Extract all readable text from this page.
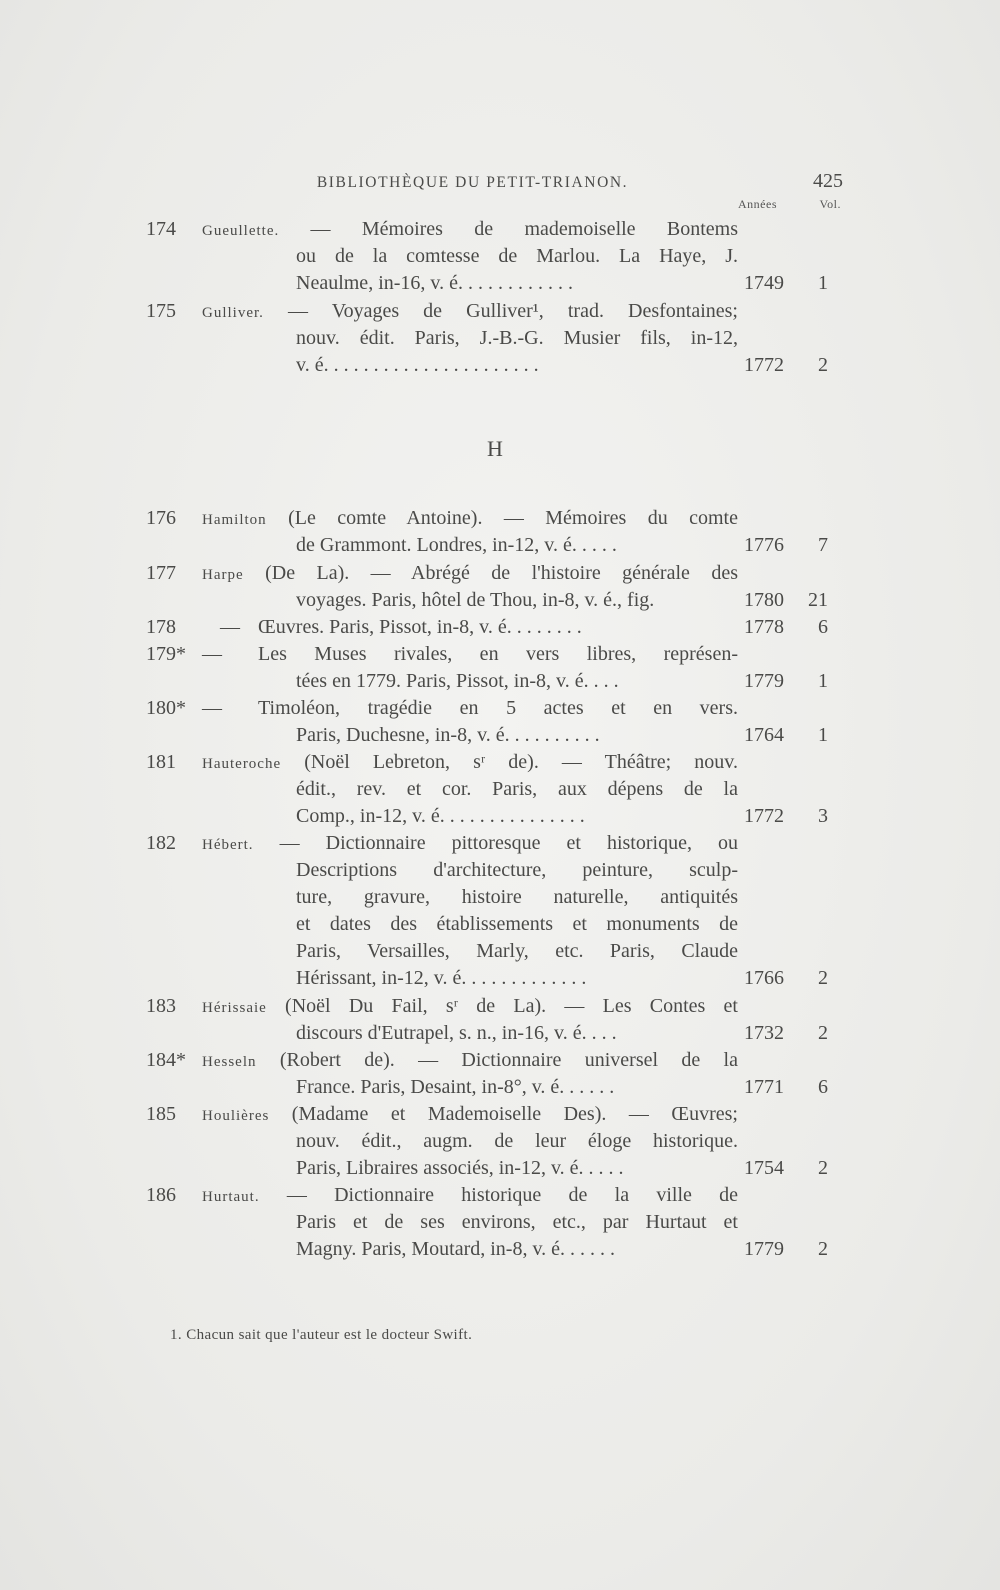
BIBLIOTHÈQUE DU PETIT-TRIANON.	425
Années	Vol.
174	Gueullette. — Mémoires de mademoiselle Bontems
ou de la comtesse de Marlou. La Haye, J.
Neaulme, in-16, v. é. . . . . . . . . . . .	1749	1
175	Gulliver. — Voyages de Gulliver¹, trad. Desfontaines;
nouv. édit. Paris, J.-B.-G. Musier fils, in-12,
v. é. . . . . . . . . . . . . . . . . . . . . .	1772	2
176	Hamilton (Le comte Antoine). — Mémoires du comte
de Grammont. Londres, in-12, v. é. . . . .	1776	7
177	Harpe (De La). — Abrégé de l'histoire générale des
voyages. Paris, hôtel de Thou, in-8, v. é., fig.	1780	21
178	— Œuvres. Paris, Pissot, in-8, v. é. . . . . . . .	1778	6
179* — Les Muses rivales, en vers libres, représen-
tées en 1779. Paris, Pissot, in-8, v. é. . . .	1779	1
180* — Timoléon, tragédie en 5 actes et en vers.
Paris, Duchesne, in-8, v. é. . . . . . . . . .	1764	1
181	Hauteroche (Noël Lebreton, sʳ de). — Théâtre; nouv.
édit., rev. et cor. Paris, aux dépens de la
Comp., in-12, v. é. . . . . . . . . . . . . . .	1772	3
182	Hébert. — Dictionnaire pittoresque et historique, ou
Descriptions d'architecture, peinture, sculp-
ture, gravure, histoire naturelle, antiquités
et dates des établissements et monuments de
Paris, Versailles, Marly, etc. Paris, Claude
Hérissant, in-12, v. é. . . . . . . . . . . . .	1766	2
183	Hérissaie (Noël Du Fail, sʳ de La). — Les Contes et
discours d'Eutrapel, s. n., in-16, v. é. . . .	1732	2
184*	Hesseln (Robert de). — Dictionnaire universel de la
France. Paris, Desaint, in-8°, v. é. . . . . .	1771	6
185	Houlières (Madame et Mademoiselle Des). — Œuvres;
nouv. édit., augm. de leur éloge historique.
Paris, Libraires associés, in-12, v. é. . . . .	1754	2
186	Hurtaut. — Dictionnaire historique de la ville de
Paris et de ses environs, etc., par Hurtaut et
Magny. Paris, Moutard, in-8, v. é. . . . . .	1779	2
H
1. Chacun sait que l'auteur est le docteur Swift.
